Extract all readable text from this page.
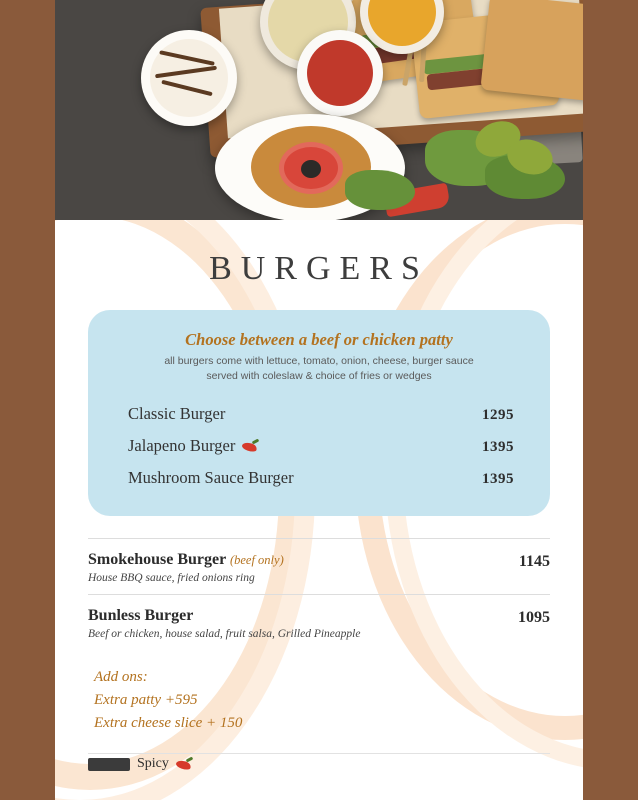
BURGERS
Choose between a beef or chicken patty
all burgers come with lettuce, tomato, onion, cheese, burger sauce
served with coleslaw & choice of fries or wedges
Classic Burger	1295
Jalapeno Burger	1395
Mushroom Sauce Burger	1395
Smokehouse Burger (beef only)
House BBQ sauce, fried onions ring
1145
Bunless Burger
Beef or chicken, house salad, fruit salsa, Grilled Pineapple
1095
Add ons:
Extra patty +595
Extra cheese slice + 150
Spicy
